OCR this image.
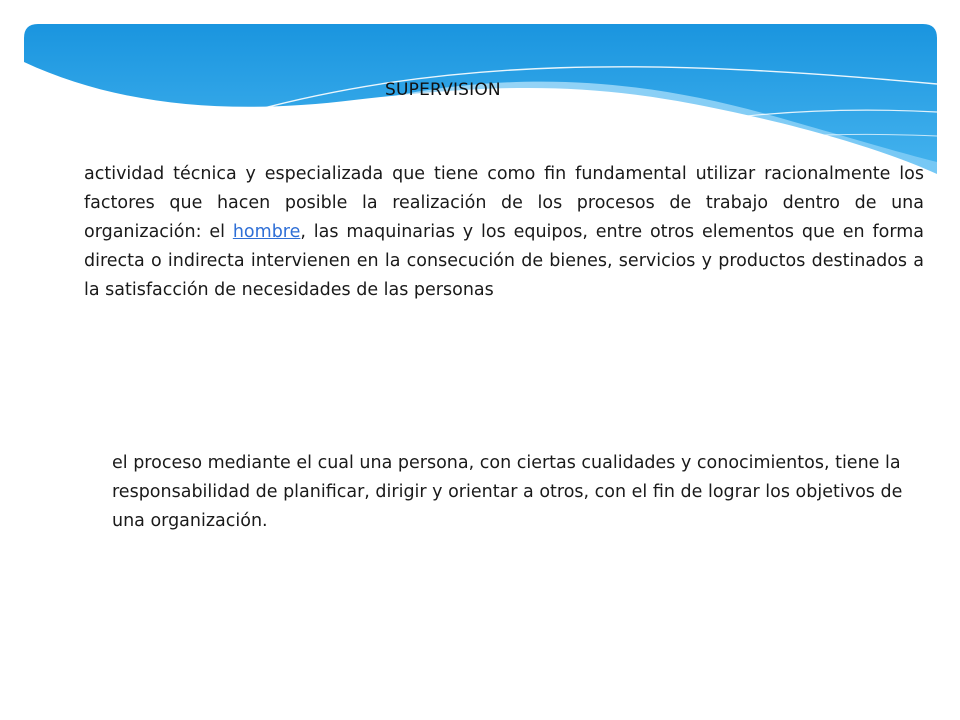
SUPERVISION

actividad técnica y especializada que tiene como fin fundamental utilizar racionalmente los factores que hacen posible la realización de los procesos de trabajo dentro de una organización: el hombre, las maquinarias y los equipos, entre otros elementos que en forma directa o indirecta intervienen en la consecución de bienes, servicios y productos destinados a la satisfacción de necesidades de las personas

el proceso mediante el cual una persona, con ciertas cualidades y conocimientos, tiene la responsabilidad de planificar, dirigir y orientar a otros, con el fin de lograr los objetivos de una organización.
